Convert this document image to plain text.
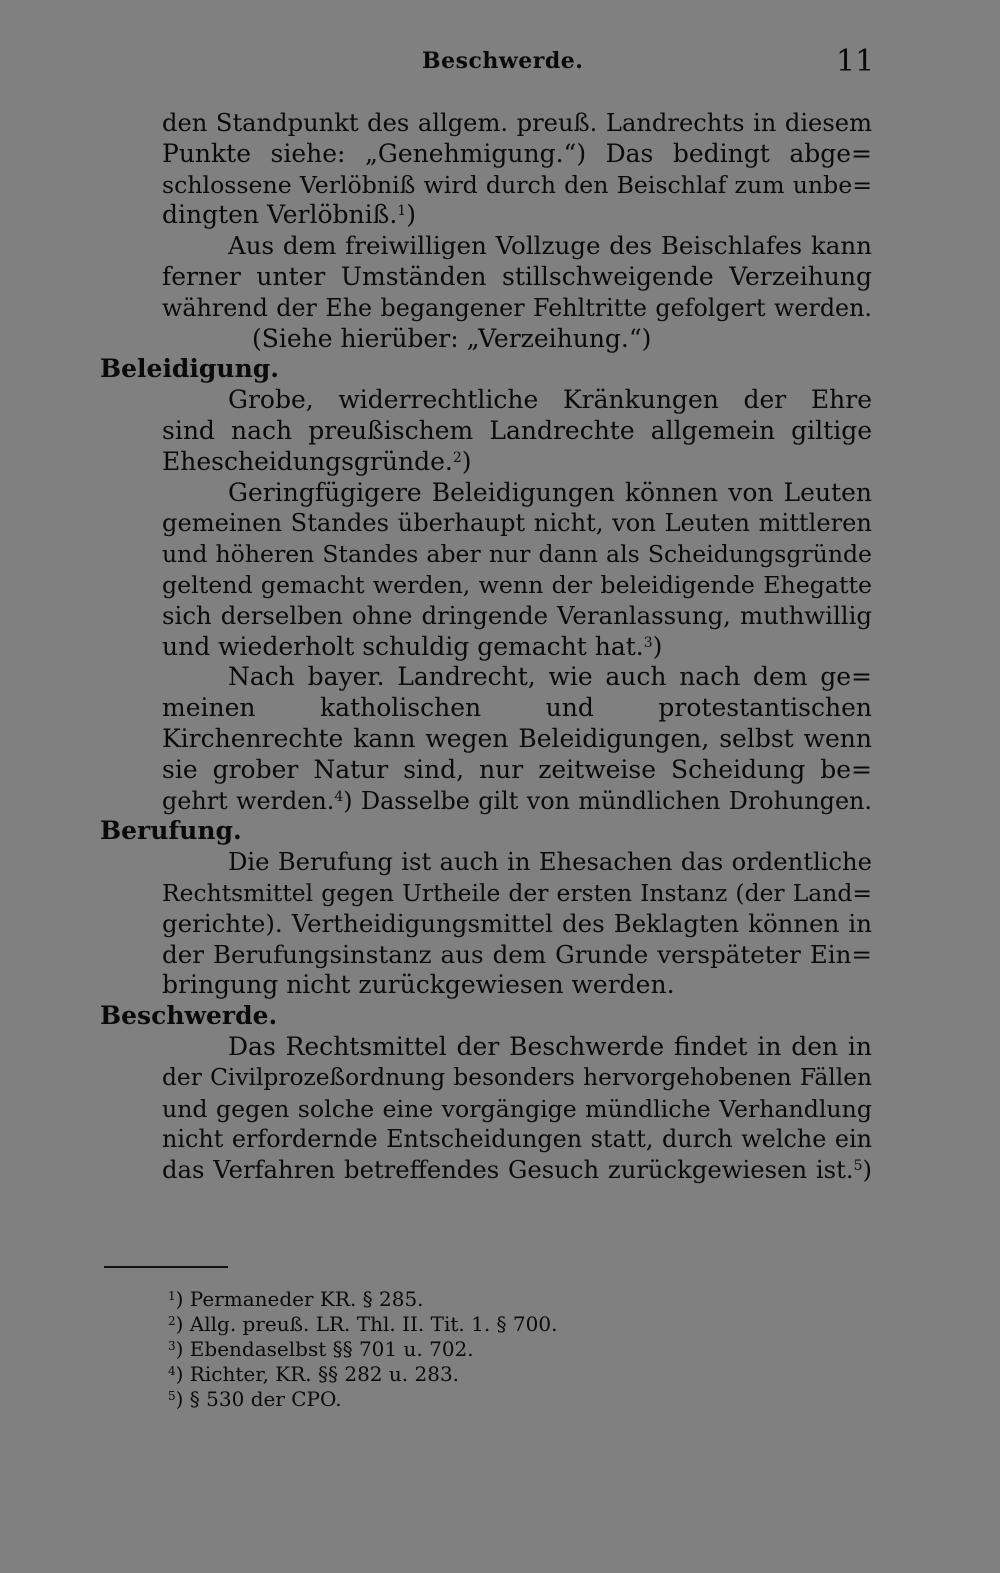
Beschwerde.	11
den Standpunkt des allgem. preuß. Landrechts in diesem
Punkte siehe: „Genehmigung.“) Das bedingt abge=
schlossene Verlöbniß wird durch den Beischlaf zum unbe=
dingten Verlöbniß.$^1$)
Aus dem freiwilligen Vollzuge des Beischlafes kann
ferner unter Umständen stillschweigende Verzeihung
während der Ehe begangener Fehltritte gefolgert werden.
(Siehe hierüber: „Verzeihung.“)
Beleidigung.
Grobe, widerrechtliche Kränkungen der Ehre
sind nach preußischem Landrechte allgemein giltige
Ehescheidungsgründe.$^2$)
Geringfügigere Beleidigungen können von Leuten
gemeinen Standes überhaupt nicht, von Leuten mittleren
und höheren Standes aber nur dann als Scheidungsgründe
geltend gemacht werden, wenn der beleidigende Ehegatte
sich derselben ohne dringende Veranlassung, muthwillig
und wiederholt schuldig gemacht hat.$^3$)
Nach bayer. Landrecht, wie auch nach dem ge=
meinen katholischen und protestantischen
Kirchenrechte kann wegen Beleidigungen, selbst wenn
sie grober Natur sind, nur zeitweise Scheidung be=
gehrt werden.$^4$) Dasselbe gilt von mündlichen Drohungen.
Berufung.
Die Berufung ist auch in Ehesachen das ordentliche
Rechtsmittel gegen Urtheile der ersten Instanz (der Land=
gerichte). Vertheidigungsmittel des Beklagten können in
der Berufungsinstanz aus dem Grunde verspäteter Ein=
bringung nicht zurückgewiesen werden.
Beschwerde.
Das Rechtsmittel der Beschwerde findet in den in
der Civilprozeßordnung besonders hervorgehobenen Fällen
und gegen solche eine vorgängige mündliche Verhandlung
nicht erfordernde Entscheidungen statt, durch welche ein
das Verfahren betreffendes Gesuch zurückgewiesen ist.$^5$)
$^1$) Permaneder KR. § 285.
$^2$) Allg. preuß. LR. Thl. II. Tit. 1. § 700.
$^3$) Ebendaselbst §§ 701 u. 702.
$^4$) Richter, KR. §§ 282 u. 283.
$^5$) § 530 der CPO.
